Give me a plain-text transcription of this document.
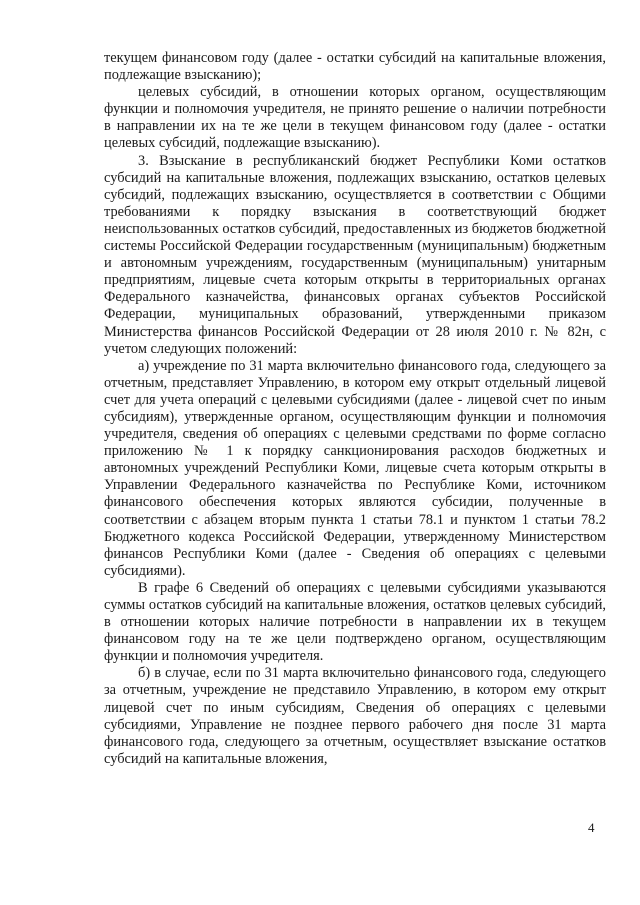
текущем финансовом году (далее - остатки субсидий на капитальные вложения, подлежащие взысканию);

целевых субсидий, в отношении которых органом, осуществляющим функции и полномочия учредителя, не принято решение о наличии потребности в направлении их на те же цели в текущем финансовом году (далее - остатки целевых субсидий, подлежащие взысканию).

3. Взыскание в республиканский бюджет Республики Коми остатков субсидий на капитальные вложения, подлежащих взысканию, остатков целевых субсидий, подлежащих взысканию, осуществляется в соответствии с Общими требованиями к порядку взыскания в соответствующий бюджет неиспользованных остатков субсидий, предоставленных из бюджетов бюджетной системы Российской Федерации государственным (муниципальным) бюджетным и автономным учреждениям, государственным (муниципальным) унитарным предприятиям, лицевые счета которым открыты в территориальных органах Федерального казначейства, финансовых органах субъектов Российской Федерации, муниципальных образований, утвержденными приказом Министерства финансов Российской Федерации от 28 июля 2010 г. № 82н, с учетом следующих положений:

а) учреждение по 31 марта включительно финансового года, следующего за отчетным, представляет Управлению, в котором ему открыт отдельный лицевой счет для учета операций с целевыми субсидиями (далее - лицевой счет по иным субсидиям), утвержденные органом, осуществляющим функции и полномочия учредителя, сведения об операциях с целевыми средствами по форме согласно приложению № 1 к порядку санкционирования расходов бюджетных и автономных учреждений Республики Коми, лицевые счета которым открыты в Управлении Федерального казначейства по Республике Коми, источником финансового обеспечения которых являются субсидии, полученные в соответствии с абзацем вторым пункта 1 статьи 78.1 и пунктом 1 статьи 78.2 Бюджетного кодекса Российской Федерации, утвержденному Министерством финансов Республики Коми (далее - Сведения об операциях с целевыми субсидиями).

В графе 6 Сведений об операциях с целевыми субсидиями указываются суммы остатков субсидий на капитальные вложения, остатков целевых субсидий, в отношении которых наличие потребности в направлении их в текущем финансовом году на те же цели подтверждено органом, осуществляющим функции и полномочия учредителя.

б) в случае, если по 31 марта включительно финансового года, следующего за отчетным, учреждение не представило Управлению, в котором ему открыт лицевой счет по иным субсидиям, Сведения об операциях с целевыми субсидиями, Управление не позднее первого рабочего дня после 31 марта финансового года, следующего за отчетным, осуществляет взыскание остатков субсидий на капитальные вложения,

4
